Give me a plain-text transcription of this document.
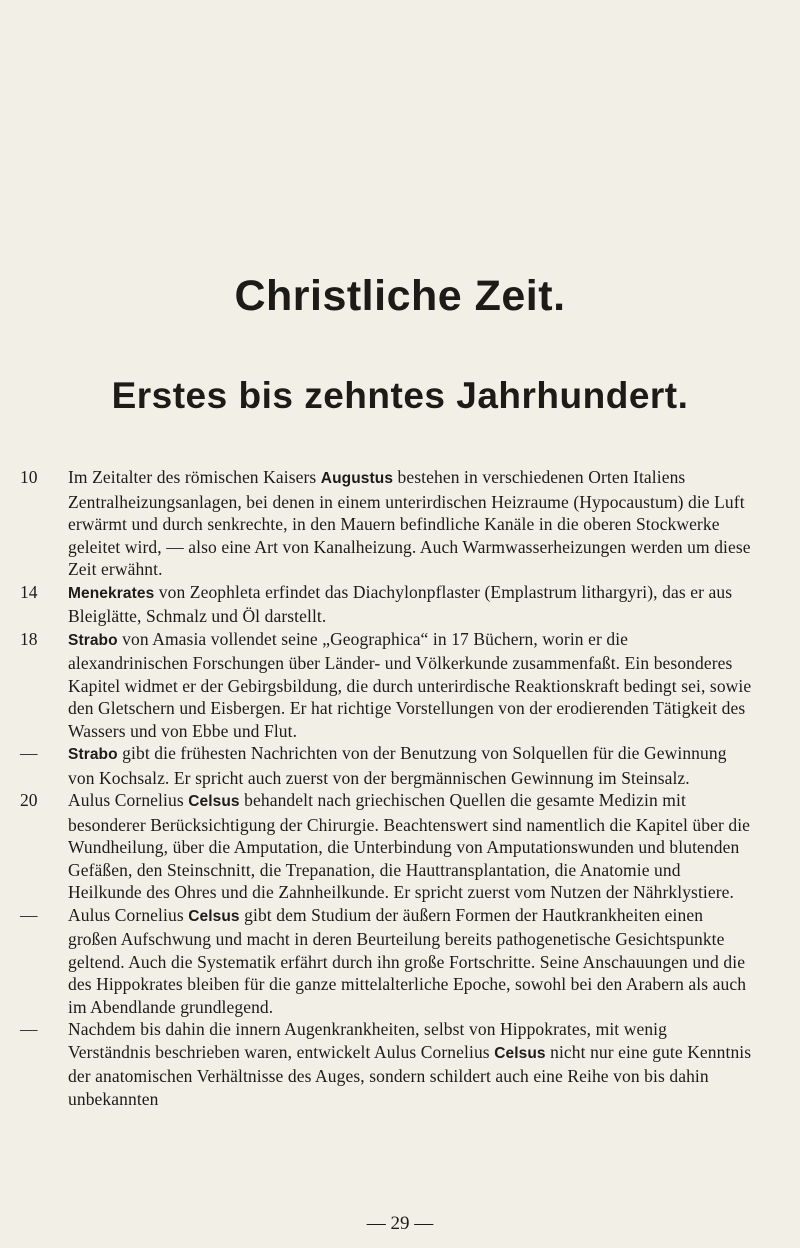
Christliche Zeit.
Erstes bis zehntes Jahrhundert.

10	Im Zeitalter des römischen Kaisers Augustus bestehen in verschiedenen Orten Italiens Zentralheizungsanlagen, bei denen in einem unterirdischen Heizraume (Hypocaustum) die Luft erwärmt und durch senkrechte, in den Mauern befindliche Kanäle in die oberen Stockwerke geleitet wird, — also eine Art von Kanalheizung. Auch Warmwasserheizungen werden um diese Zeit erwähnt.

14	Menekrates von Zeophleta erfindet das Diachylonpflaster (Emplastrum lithargyri), das er aus Bleiglätte, Schmalz und Öl darstellt.

18	Strabo von Amasia vollendet seine „Geographica“ in 17 Büchern, worin er die alexandrinischen Forschungen über Länder- und Völkerkunde zusammenfaßt. Ein besonderes Kapitel widmet er der Gebirgsbildung, die durch unterirdische Reaktionskraft bedingt sei, sowie den Gletschern und Eisbergen. Er hat richtige Vorstellungen von der erodierenden Tätigkeit des Wassers und von Ebbe und Flut.

—	Strabo gibt die frühesten Nachrichten von der Benutzung von Solquellen für die Gewinnung von Kochsalz. Er spricht auch zuerst von der bergmännischen Gewinnung im Steinsalz.

20	Aulus Cornelius Celsus behandelt nach griechischen Quellen die gesamte Medizin mit besonderer Berücksichtigung der Chirurgie. Beachtenswert sind namentlich die Kapitel über die Wundheilung, über die Amputation, die Unterbindung von Amputationswunden und blutenden Gefäßen, den Steinschnitt, die Trepanation, die Hauttransplantation, die Anatomie und Heilkunde des Ohres und die Zahnheilkunde. Er spricht zuerst vom Nutzen der Nährklystiere.

—	Aulus Cornelius Celsus gibt dem Studium der äußern Formen der Hautkrankheiten einen großen Aufschwung und macht in deren Beurteilung bereits pathogenetische Gesichtspunkte geltend. Auch die Systematik erfährt durch ihn große Fortschritte. Seine Anschauungen und die des Hippokrates bleiben für die ganze mittelalterliche Epoche, sowohl bei den Arabern als auch im Abendlande grundlegend.

—	Nachdem bis dahin die innern Augenkrankheiten, selbst von Hippokrates, mit wenig Verständnis beschrieben waren, entwickelt Aulus Cornelius Celsus nicht nur eine gute Kenntnis der anatomischen Verhältnisse des Auges, sondern schildert auch eine Reihe von bis dahin unbekannten

— 29 —
